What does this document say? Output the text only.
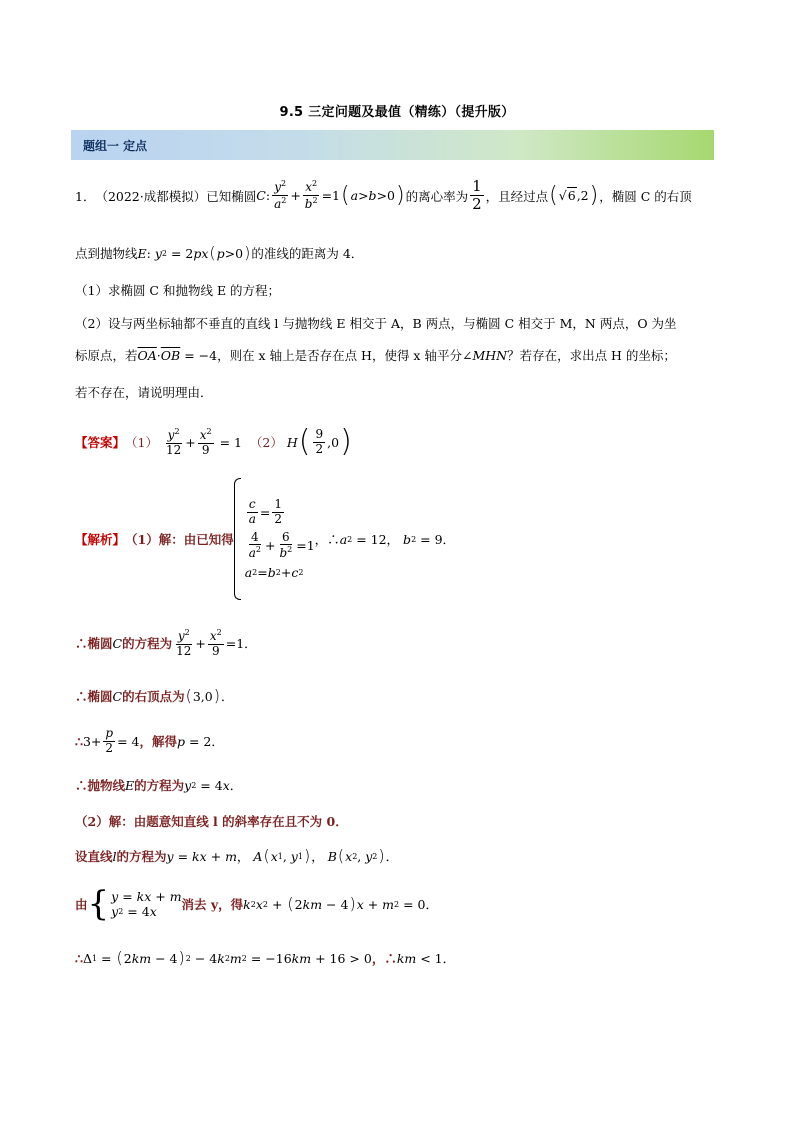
9.5 三定问题及最值（精练）（提升版）
题组一 定点
1． （2022·成都模拟） 已知椭圆 C : $\frac{y^2}{a^2} + \frac{x^2}{b^2} =1$ ( a > b >0 ) 的离心率为 $\frac{1}{2}$ ，且经过点 ( √6,2 ) ，椭圆 C 的右顶
点到抛物线 E : y 2 = 2 px ( p >0 ) 的准线的距离为 4．
（1）求椭圆 C 和抛物线 E 的方程；
（2）设与两坐标轴都不垂直的直线 l 与抛物线 E 相交于 A，B 两点，与椭圆 C 相交于 M，N 两点，O 为坐
标原点，若 $\overline{OA} \cdot \overline{OB} = -4$ ，则在 x 轴上是否存在点 H，使得 x 轴平分 ∠MHN ？若存在，求出点 H 的坐标；
若不存在，请说明理由．
【答案】 （1）
$\frac{y^2}{12} + \frac{x^2}{9} = 1$ （2）
H ( $\frac{9}{2} ,0$ )
【解析】 （1）解：由已知得
$\frac{c}{a} = \frac{1}{2}$
$\frac{4}{a^2} + \frac{6}{b^2} =1$
a 2 = b 2 + c 2
，∴ a 2 = 12， b 2 = 9．
∴椭圆 C 的方程为 $\frac{y^2}{12} + \frac{x^2}{9} =1$．
∴椭圆 C 的右顶点为 ( 3,0 ) ．
∴ $3+ \frac{p}{2} = 4$ ，解得 p = 2．
∴抛物线 E 的方程为 y 2 = 4 x ．
（2）解：由题意知直线 l 的斜率存在且不为 0．
设直线 l 的方程为 y = kx + m ， A ( x 1 , y 1 ) ， B ( x 2 , y 2 ) ．
由 { y = kx + m
y 2 = 4 x 消去 y，得 k 2 x 2 + ( 2 km − 4 ) x + m 2 = 0．
∴ Δ 1 = ( 2 km − 4 ) 2 − 4 k 2 m 2 = −16 km + 16 > 0 ，∴ km < 1 ．
